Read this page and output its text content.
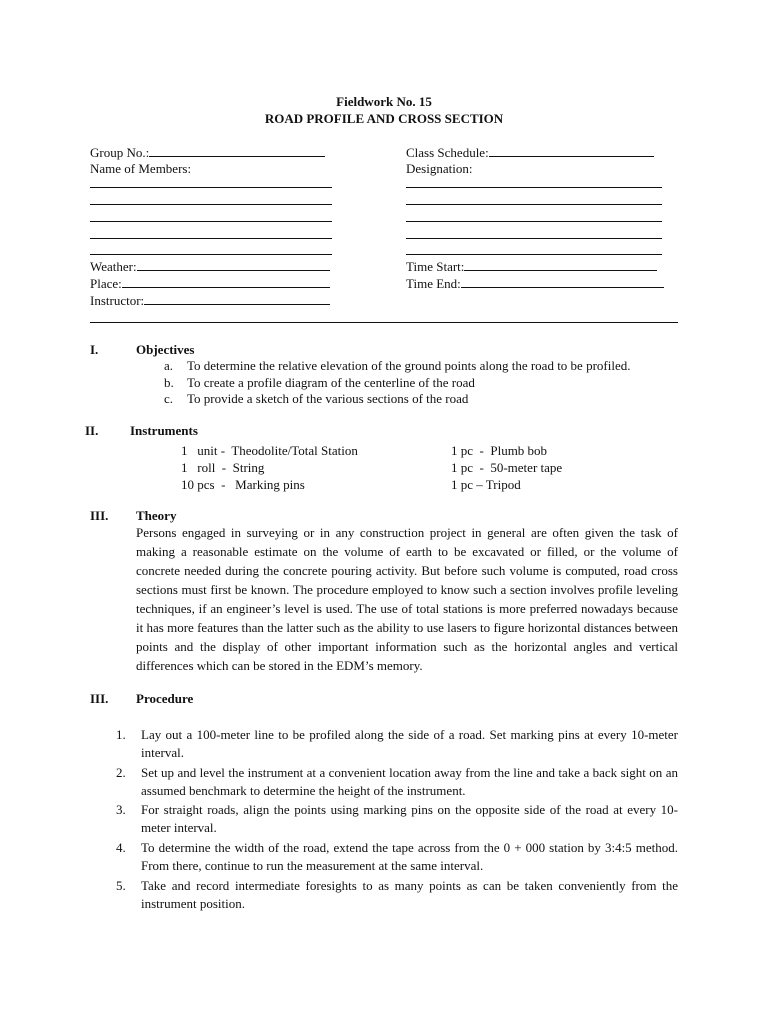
Fieldwork No. 15
ROAD PROFILE AND CROSS SECTION
Group No.:
Name of Members:
Weather:
Place:
Instructor:
Class Schedule:
Designation:
Time Start:
Time End:
I.	Objectives
a. To determine the relative elevation of the ground points along the road to be profiled.
b. To create a profile diagram of the centerline of the road
c. To provide a sketch of the various sections of the road
II. Instruments
1   unit -  Theodolite/Total Station
1   roll  -  String
10 pcs  -   Marking pins
1 pc  -  Plumb bob
1 pc  -  50-meter tape
1 pc – Tripod
III. Theory
Persons engaged in surveying or in any construction project in general are often given the task of making a reasonable estimate on the volume of earth to be excavated or filled, or the volume of concrete needed during the concrete pouring activity. But before such volume is computed, road cross sections must first be known. The procedure employed to know such a section involves profile leveling techniques, if an engineer’s level is used. The use of total stations is more preferred nowadays because it has more features than the latter such as the ability to use lasers to figure horizontal distances between points and the display of other important information such as the horizontal angles and vertical differences which can be stored in the EDM’s memory.
III. Procedure
1. Lay out a 100-meter line to be profiled along the side of a road. Set marking pins at every 10-meter interval.
2. Set up and level the instrument at a convenient location away from the line and take a back sight on an assumed benchmark to determine the height of the instrument.
3. For straight roads, align the points using marking pins on the opposite side of the road at every 10-meter interval.
4. To determine the width of the road, extend the tape across from the 0 + 000 station by 3:4:5 method. From there, continue to run the measurement at the same interval.
5. Take and record intermediate foresights to as many points as can be taken conveniently from the instrument position.
